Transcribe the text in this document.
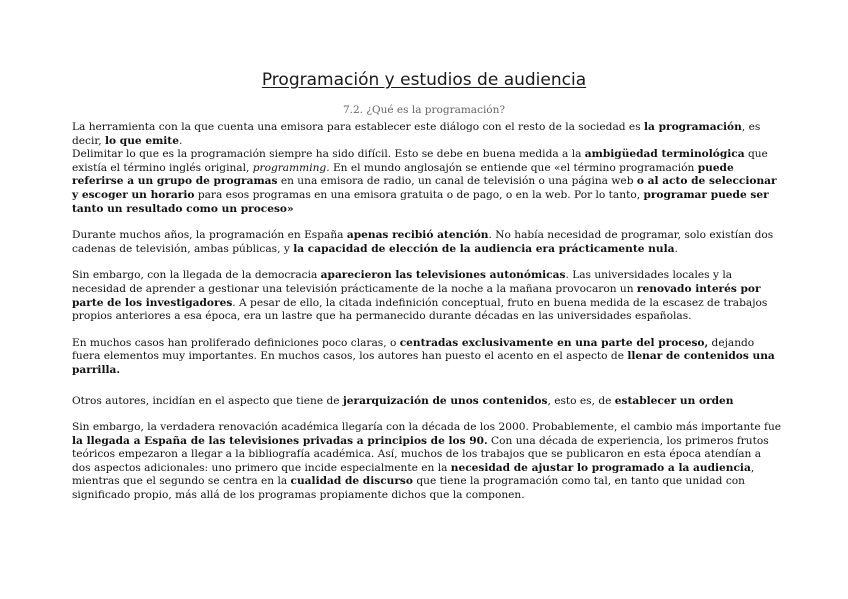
Programación y estudios de audiencia
7.2. ¿Qué es la programación?

La herramienta con la que cuenta una emisora para establecer este diálogo con el resto de la sociedad es la programación, es decir, lo que emite.
Delimitar lo que es la programación siempre ha sido difícil. Esto se debe en buena medida a la ambigüedad terminológica que existía el término inglés original, programming. En el mundo anglosajón se entiende que «el término programación puede referirse a un grupo de programas en una emisora de radio, un canal de televisión o una página web o al acto de seleccionar y escoger un horario para esos programas en una emisora gratuita o de pago, o en la web. Por lo tanto, programar puede ser tanto un resultado como un proceso»

Durante muchos años, la programación en España apenas recibió atención. No había necesidad de programar, solo existían dos cadenas de televisión, ambas públicas, y la capacidad de elección de la audiencia era prácticamente nula.

Sin embargo, con la llegada de la democracia aparecieron las televisiones autonómicas. Las universidades locales y la necesidad de aprender a gestionar una televisión prácticamente de la noche a la mañana provocaron un renovado interés por parte de los investigadores. A pesar de ello, la citada indefinición conceptual, fruto en buena medida de la escasez de trabajos propios anteriores a esa época, era un lastre que ha permanecido durante décadas en las universidades españolas.

En muchos casos han proliferado definiciones poco claras, o centradas exclusivamente en una parte del proceso, dejando fuera elementos muy importantes. En muchos casos, los autores han puesto el acento en el aspecto de llenar de contenidos una parrilla.

Otros autores, incidían en el aspecto que tiene de jerarquización de unos contenidos, esto es, de establecer un orden

Sin embargo, la verdadera renovación académica llegaría con la década de los 2000. Probablemente, el cambio más importante fue la llegada a España de las televisiones privadas a principios de los 90. Con una década de experiencia, los primeros frutos teóricos empezaron a llegar a la bibliografía académica. Así, muchos de los trabajos que se publicaron en esta época atendían a dos aspectos adicionales: uno primero que incide especialmente en la necesidad de ajustar lo programado a la audiencia, mientras que el segundo se centra en la cualidad de discurso que tiene la programación como tal, en tanto que unidad con significado propio, más allá de los programas propiamente dichos que la componen.
